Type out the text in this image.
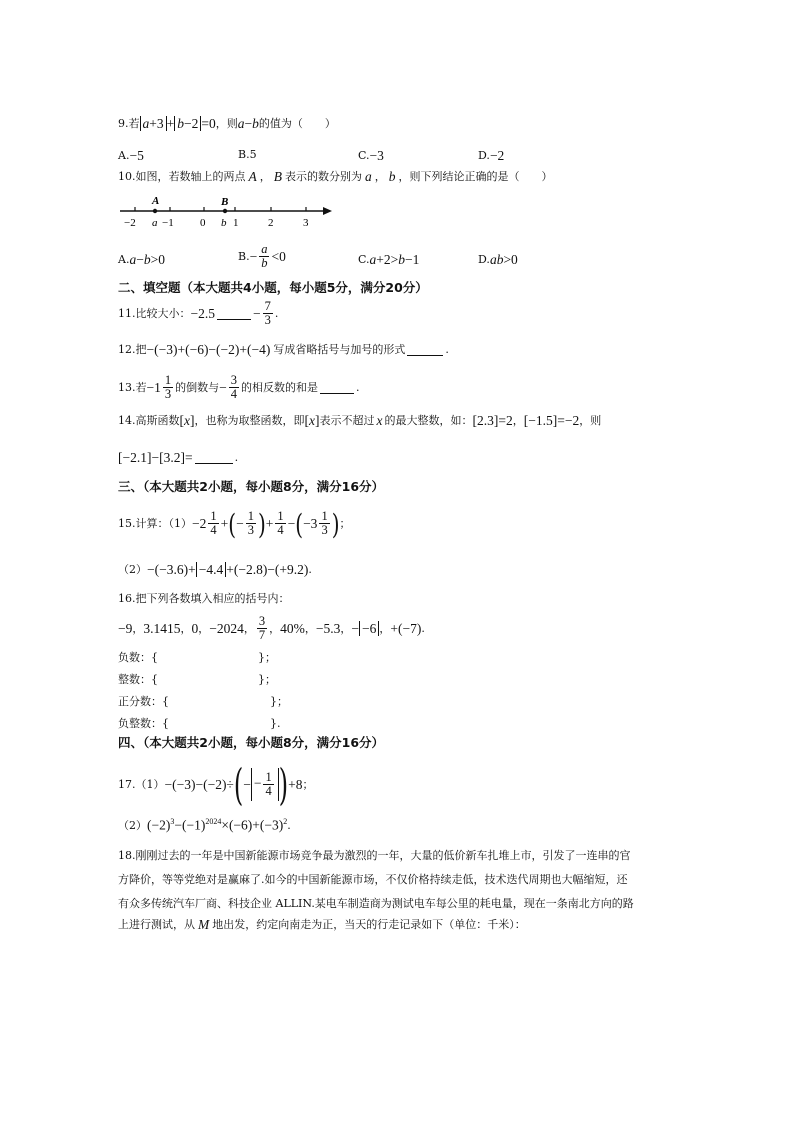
9.若 a+3 + b−2 =0 ，则 a−b 的值为（　　）
A. −5	B.5	C. −3	D. −2
10.如图，若数轴上的两点 A ， B 表示的数分别为 a ， b ，则下列结论正确的是（　　）
A	B
−2 a −1 0 b 1	2	3
A. a−b>0	B. − $\frac{a}{b} <0$	C. a+2>b−1	D. ab>0
二、填空题（本大题共4小题，每小题5分，满分20分）
11.比较大小： −2.5	− $\frac{7}{3}$ .
12.把 −(−3)+(−6)−(−2)+(−4) 写成省略括号与加号的形式	.
13.若 $-1 \frac{1}{3}$ 的倒数与 − $\frac{3}{4}$ 的相反数的和是	.
14.高斯函数 [x] ，也称为取整函数，即 [x] 表示不超过 x 的最大整数，如： [2.3]=2 ， [−1.5]=−2 ，则
[−2.1]−[3.2]=	.
三、（本大题共2小题，每小题8分，满分16分）
15.计算：$(1) -2 \frac{1}{4}$ + ( − $\frac{1}{3}$ ) + $\frac{1}{4}$ − ( $-3 \frac{1}{3}$ ) ；
（2） −(−3.6)+ −4.4 +(−2.8)−(+9.2) .
16.把下列各数填入相应的括号内：
−9 ， 3.1415 ， 0 ， −2024 ， $\frac{3}{7}$ ， 40% ， −5.3 ， − −6 ， +(−7) .
负数：{	}；
整数：{	}；
正分数：{	}；
负整数：{	}.
四、（本大题共2小题，每小题8分，满分16分）
17.（1） −(−3)−(−2)÷ ( − − $\frac{1}{4}$ ) +8 ；
（2） $(-2)^3-(-1)^{2024}\times(-6)+(-3)^2$ .
18.刚刚过去的一年是中国新能源市场竞争最为激烈的一年，大量的低价新车扎堆上市，引发了一连串的官
方降价，等等党绝对是赢麻了.如今的中国新能源市场，不仅价格持续走低，技术迭代周期也大幅缩短，还
有众多传统汽车厂商、科技企业 ALLIN.某电车制造商为测试电车每公里的耗电量，现在一条南北方向的路
上进行测试，从 M 地出发，约定向南走为正，当天的行走记录如下（单位：千米）：
